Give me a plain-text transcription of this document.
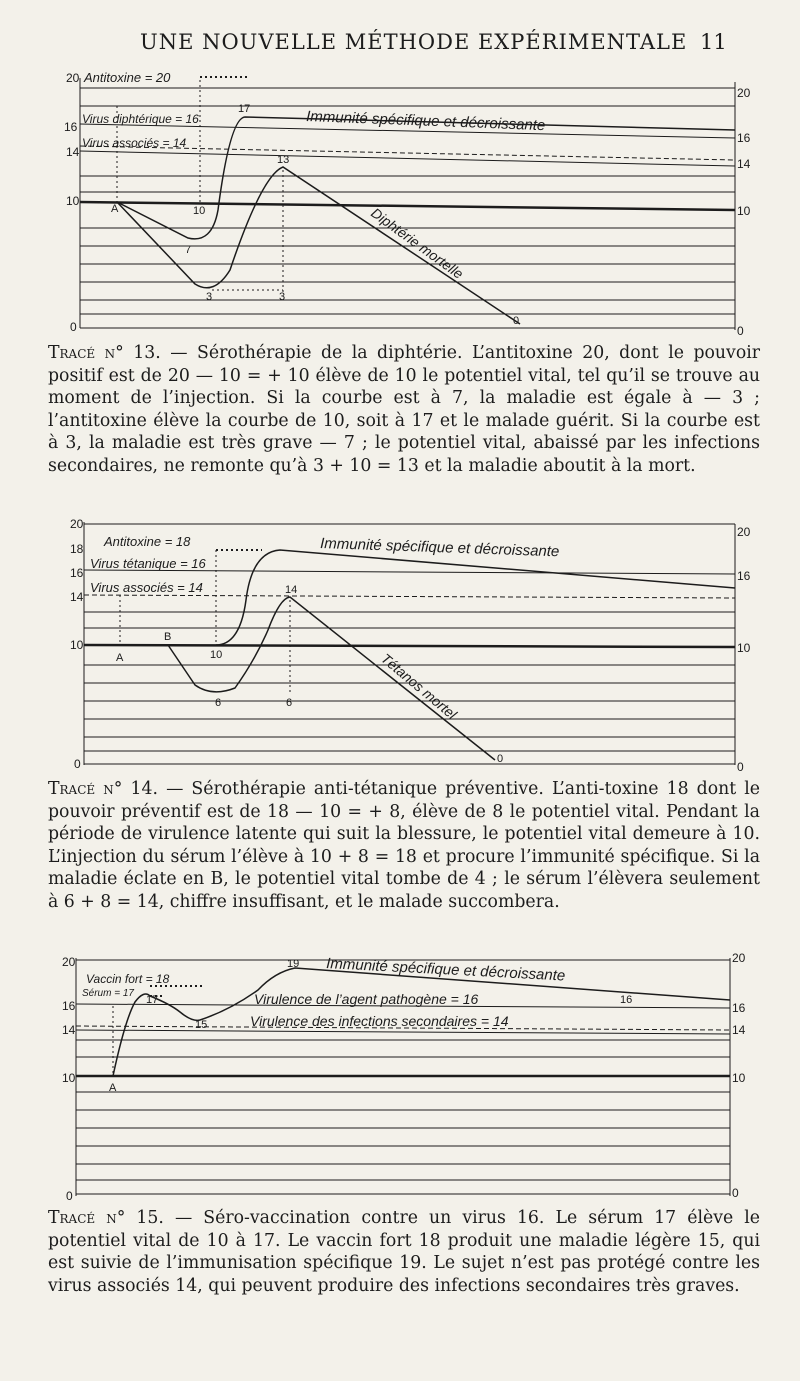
UNE NOUVELLE MÉTHODE EXPÉRIMENTALE 11
20
16
14
10
0
20
16
14
10
0
Antitoxine = 20
Virus diphtérique = 16
Virus associés = 14
Immunité spécifique et décroissante
Diphtérie mortelle
A	10
7
3	3
17
13
0

Tracé n° 13. — Sérothérapie de la diphtérie. L’antitoxine 20, dont le pouvoir positif est de 20 — 10 = + 10 élève de 10 le potentiel vital, tel qu’il se trouve au moment de l’injection. Si la courbe est à 7, la maladie est égale à — 3 ; l’antitoxine élève la courbe de 10, soit à 17 et le malade guérit. Si la courbe est à 3, la maladie est très grave — 7 ; le potentiel vital, abaissé par les infections secondaires, ne remonte qu’à 3 + 10 = 13 et la maladie aboutit à la mort.

20
18
16
14
10
0
20
16
10
0
Antitoxine = 18
Virus tétanique = 16
Virus associés = 14
Immunité spécifique et décroissante
Tétanos mortel
A
B
10
6	6
14
0

Tracé n° 14. — Sérothérapie anti-tétanique préventive. L’anti-toxine 18 dont le pouvoir préventif est de 18 — 10 = + 8, élève de 8 le potentiel vital. Pendant la période de virulence latente qui suit la blessure, le potentiel vital demeure à 10. L’injection du sérum l’élève à 10 + 8 = 18 et procure l’immunité spécifique. Si la maladie éclate en B, le potentiel vital tombe de 4 ; le sérum l’élèvera seulement à 6 + 8 = 14, chiffre insuffisant, et le malade succombera.

20
16
14
10
0
20
16
14
10
0
Vaccin fort = 18
Sérum = 17	Virulence de l’agent pathogène = 16
Virulence des infections secondaires = 14
Immunité spécifique et décroissante
A
17
15
19
16

Tracé n° 15. — Séro-vaccination contre un virus 16. Le sérum 17 élève le potentiel vital de 10 à 17. Le vaccin fort 18 produit une maladie légère 15, qui est suivie de l’immunisation spécifique 19. Le sujet n’est pas protégé contre les virus associés 14, qui peuvent produire des infections secondaires très graves.
